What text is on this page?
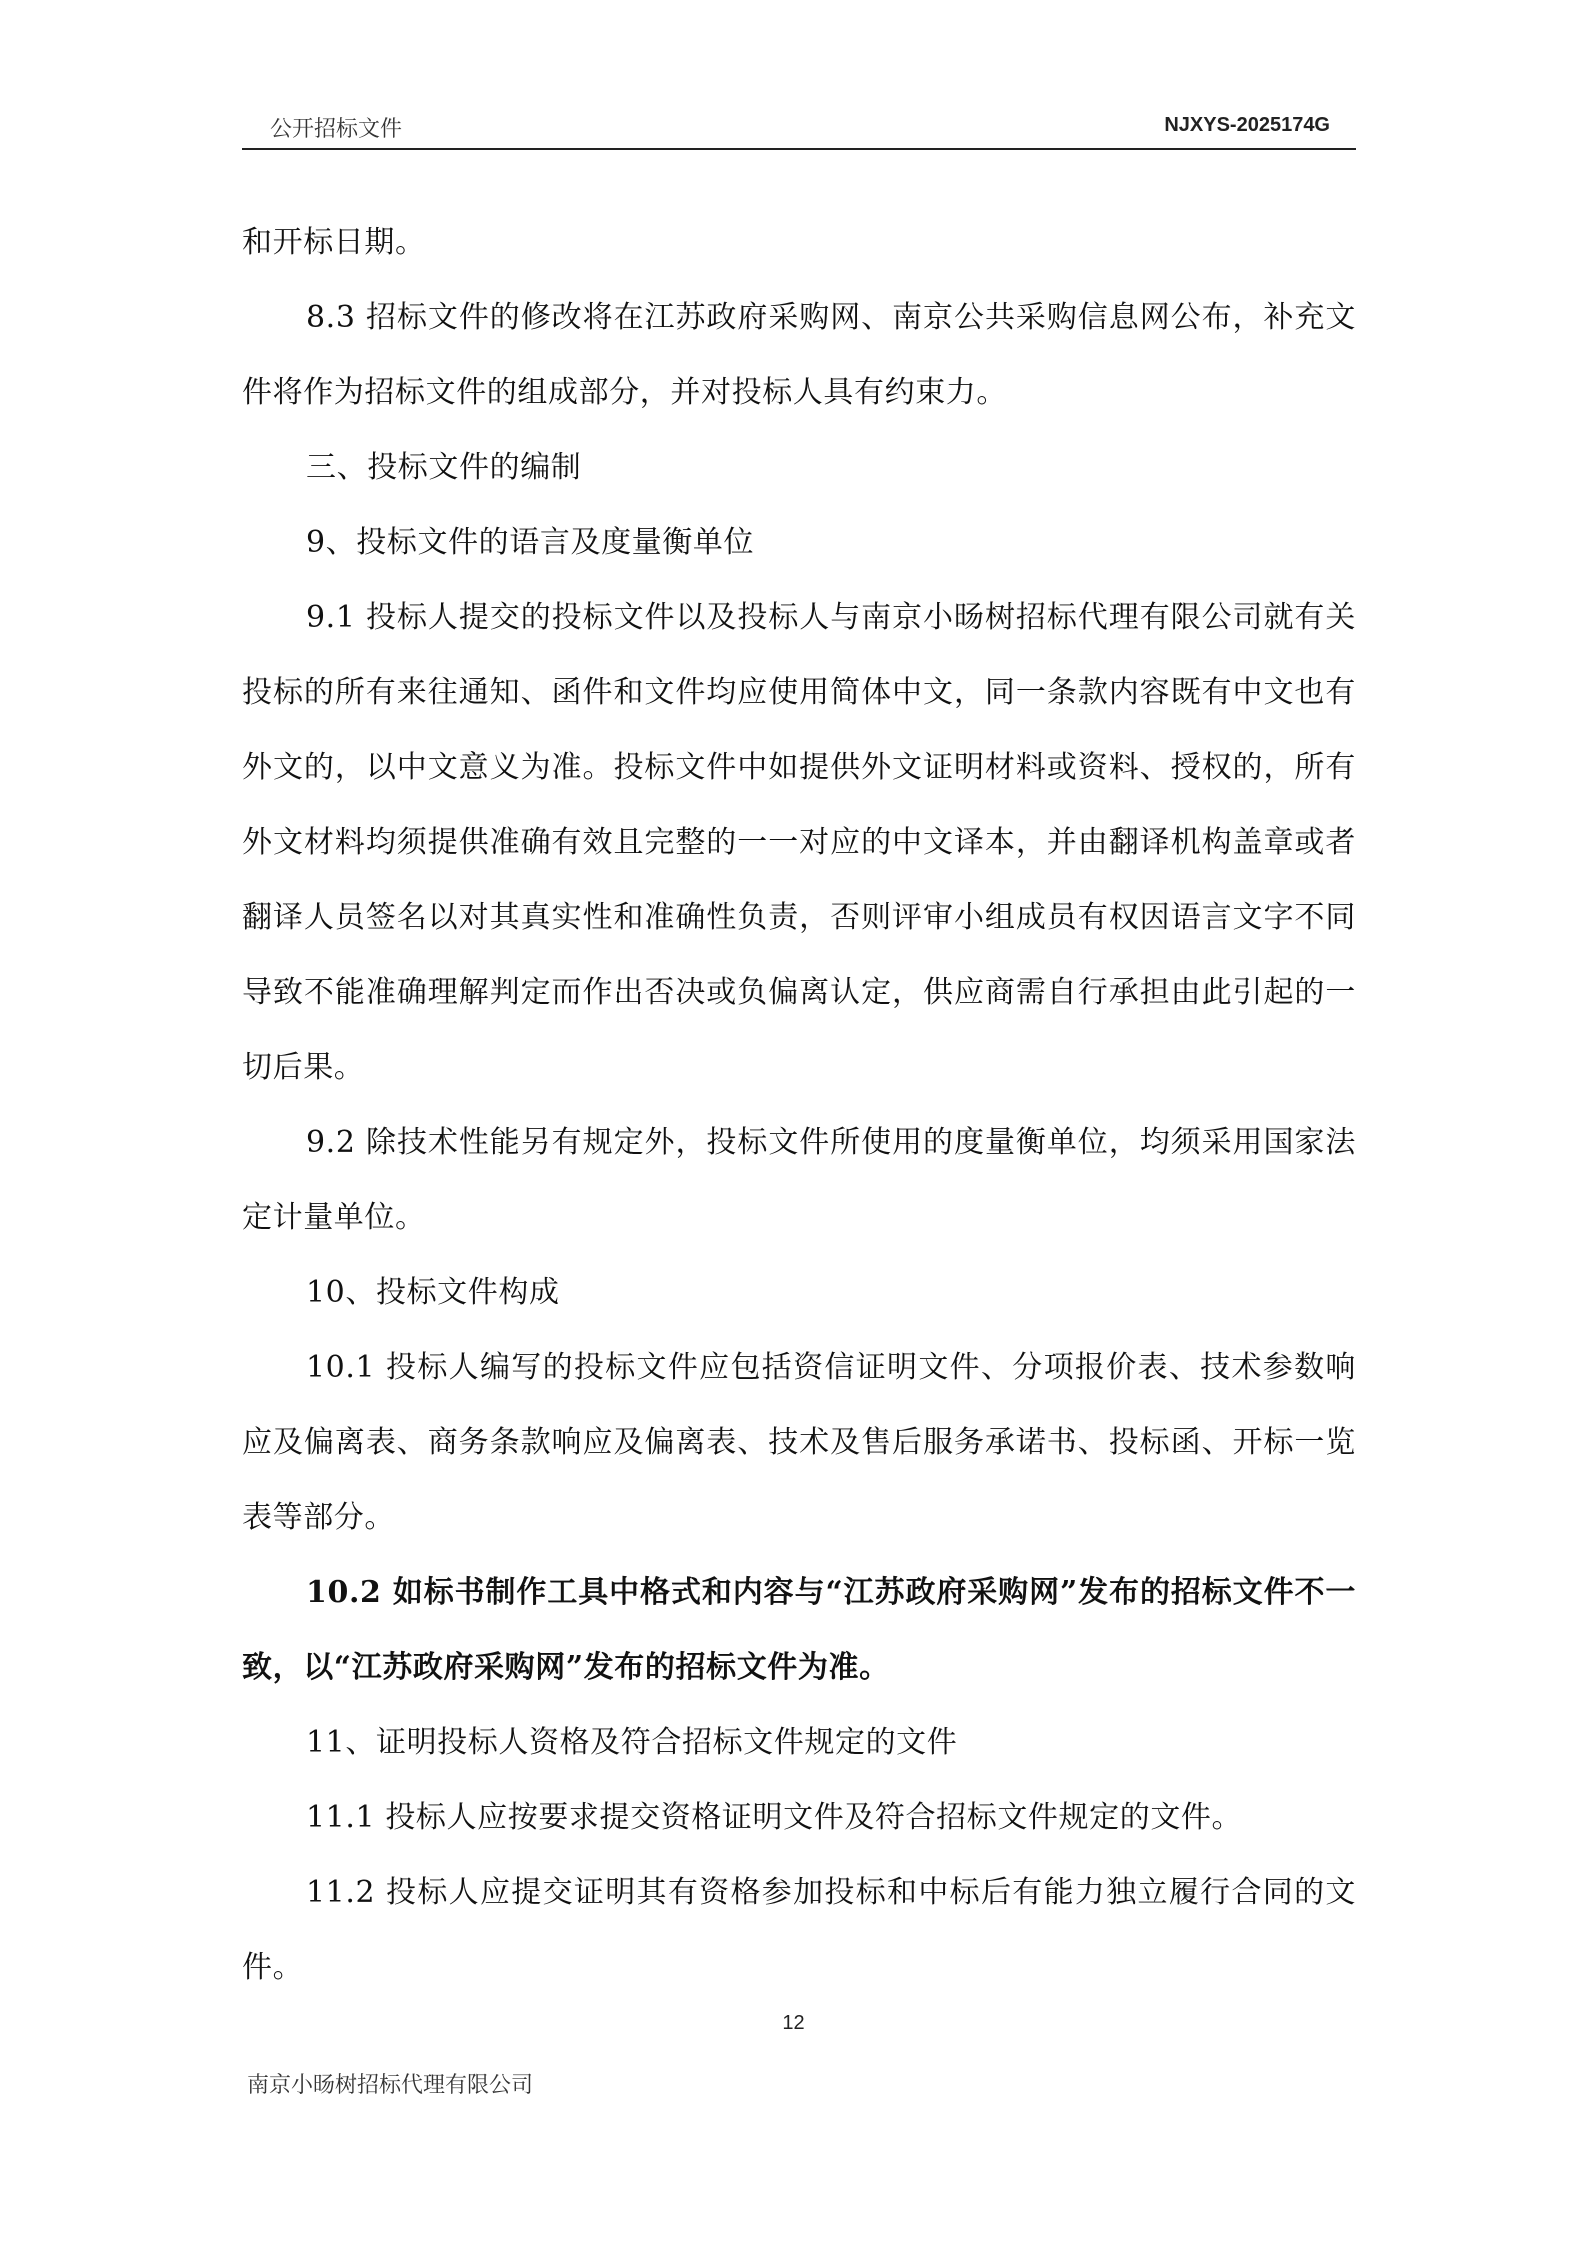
公开招标文件	NJXYS-2025174G

和开标日期。

8.3 招标文件的修改将在江苏政府采购网、南京公共采购信息网公布，补充文件将作为招标文件的组成部分，并对投标人具有约束力。

三、投标文件的编制

9、投标文件的语言及度量衡单位

9.1 投标人提交的投标文件以及投标人与南京小旸树招标代理有限公司就有关投标的所有来往通知、函件和文件均应使用简体中文，同一条款内容既有中文也有外文的，以中文意义为准。投标文件中如提供外文证明材料或资料、授权的，所有外文材料均须提供准确有效且完整的一一对应的中文译本，并由翻译机构盖章或者翻译人员签名以对其真实性和准确性负责，否则评审小组成员有权因语言文字不同导致不能准确理解判定而作出否决或负偏离认定，供应商需自行承担由此引起的一切后果。

9.2 除技术性能另有规定外，投标文件所使用的度量衡单位，均须采用国家法定计量单位。

10、投标文件构成

10.1 投标人编写的投标文件应包括资信证明文件、分项报价表、技术参数响应及偏离表、商务条款响应及偏离表、技术及售后服务承诺书、投标函、开标一览表等部分。

10.2 如标书制作工具中格式和内容与“江苏政府采购网”发布的招标文件不一致，以“江苏政府采购网”发布的招标文件为准。

11、证明投标人资格及符合招标文件规定的文件

11.1 投标人应按要求提交资格证明文件及符合招标文件规定的文件。

11.2 投标人应提交证明其有资格参加投标和中标后有能力独立履行合同的文件。

12
南京小旸树招标代理有限公司
